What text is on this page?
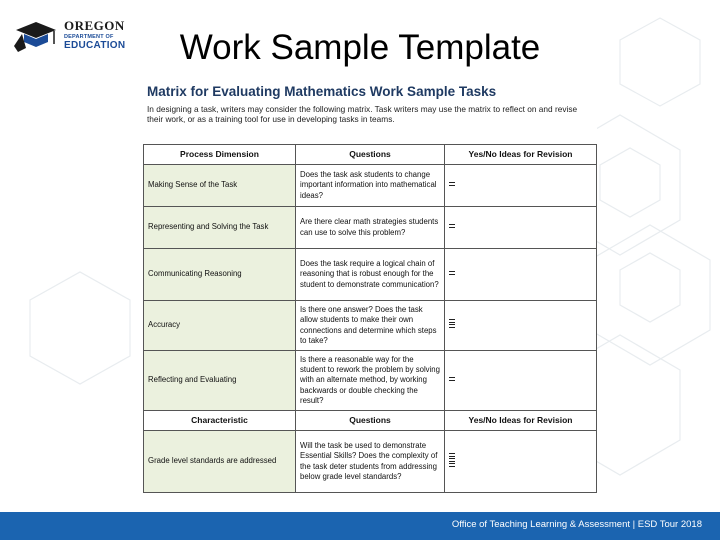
OREGON
DEPARTMENT OF
EDUCATION	Work Sample Template
Matrix for Evaluating Mathematics Work Sample Tasks
In designing a task, writers may consider the following matrix. Task writers may use the matrix to reflect on and revise their work, or as a training tool for use in developing tasks in teams.
Process Dimension	Questions	Yes/No Ideas for Revision
Making Sense of the Task	Does the task ask students to change important information into mathematical ideas?	

Representing and Solving the Task	Are there clear math strategies students can use to solve this problem?	

Communicating Reasoning	Does the task require a logical chain of reasoning that is robust enough for the student to demonstrate communication?	

Accuracy	Is there one answer? Does the task allow students to make their own connections and determine which steps to take?	

Reflecting and Evaluating	Is there a reasonable way for the student to rework the problem by solving with an alternate method, by working backwards or double checking the result?	

Characteristic	Questions	Yes/No Ideas for Revision
Grade level standards are addressed	Will the task be used to demonstrate Essential Skills? Does the complexity of the task deter students from addressing below grade level standards?	
Office of Teaching Learning & Assessment | ESD Tour 2018
